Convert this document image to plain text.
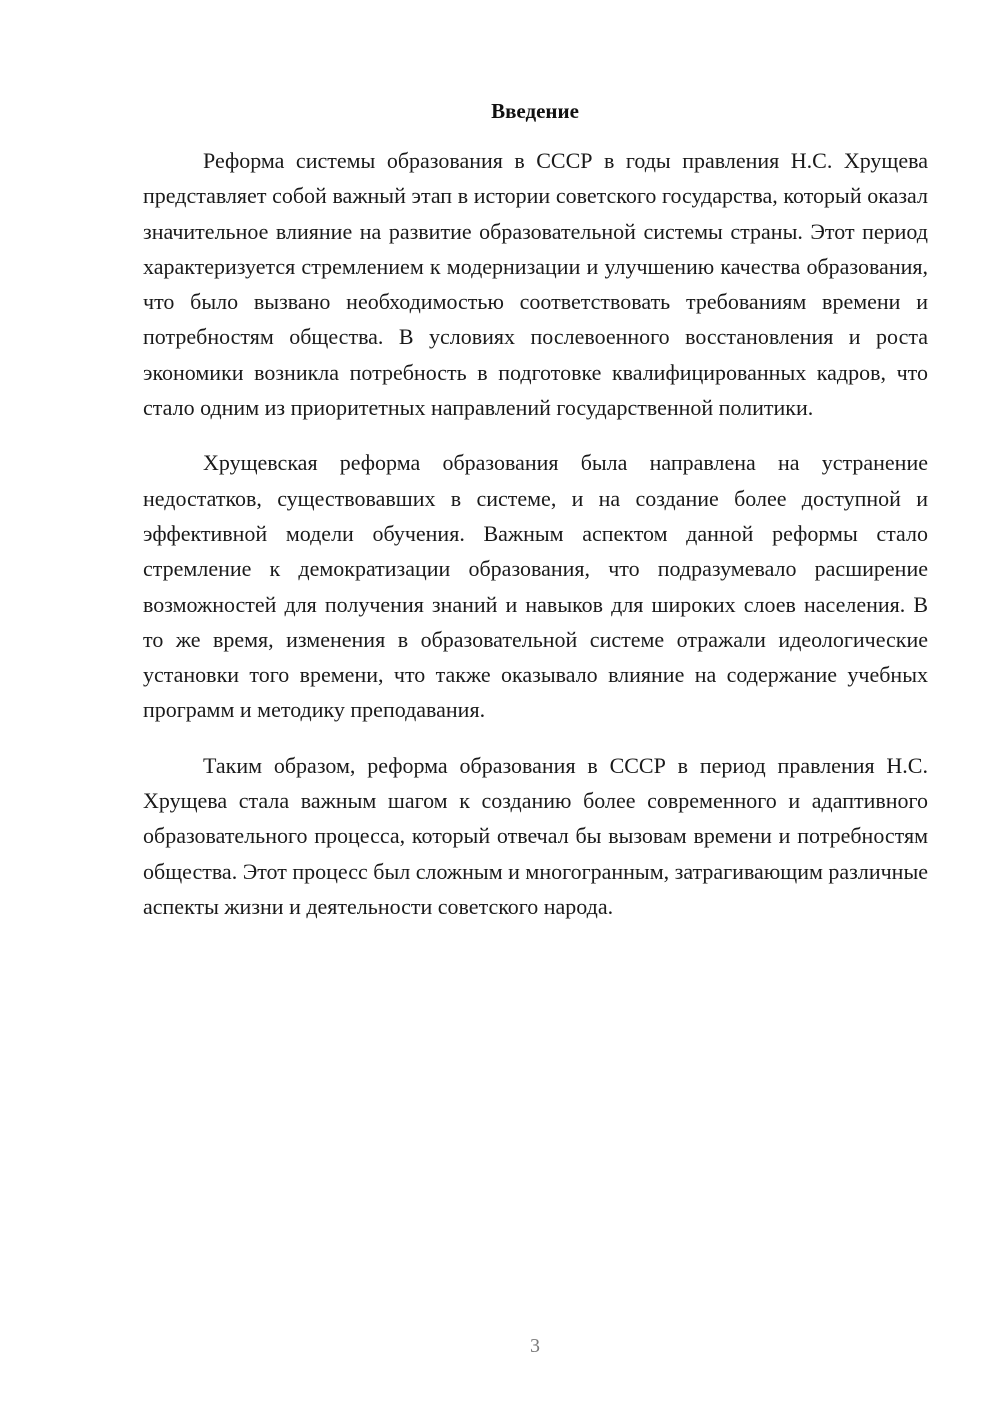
Введение

Реформа системы образования в СССР в годы правления Н.С. Хрущева представляет собой важный этап в истории советского государства, который оказал значительное влияние на развитие образовательной системы страны. Этот период характеризуется стремлением к модернизации и улучшению качества образования, что было вызвано необходимостью соответствовать требованиям времени и потребностям общества. В условиях послевоенного восстановления и роста экономики возникла потребность в подготовке квалифицированных кадров, что стало одним из приоритетных направлений государственной политики.

Хрущевская реформа образования была направлена на устранение недостатков, существовавших в системе, и на создание более доступной и эффективной модели обучения. Важным аспектом данной реформы стало стремление к демократизации образования, что подразумевало расширение возможностей для получения знаний и навыков для широких слоев населения. В то же время, изменения в образовательной системе отражали идеологические установки того времени, что также оказывало влияние на содержание учебных программ и методику преподавания.

Таким образом, реформа образования в СССР в период правления Н.С. Хрущева стала важным шагом к созданию более современного и адаптивного образовательного процесса, который отвечал бы вызовам времени и потребностям общества. Этот процесс был сложным и многогранным, затрагивающим различные аспекты жизни и деятельности советского народа.

3
